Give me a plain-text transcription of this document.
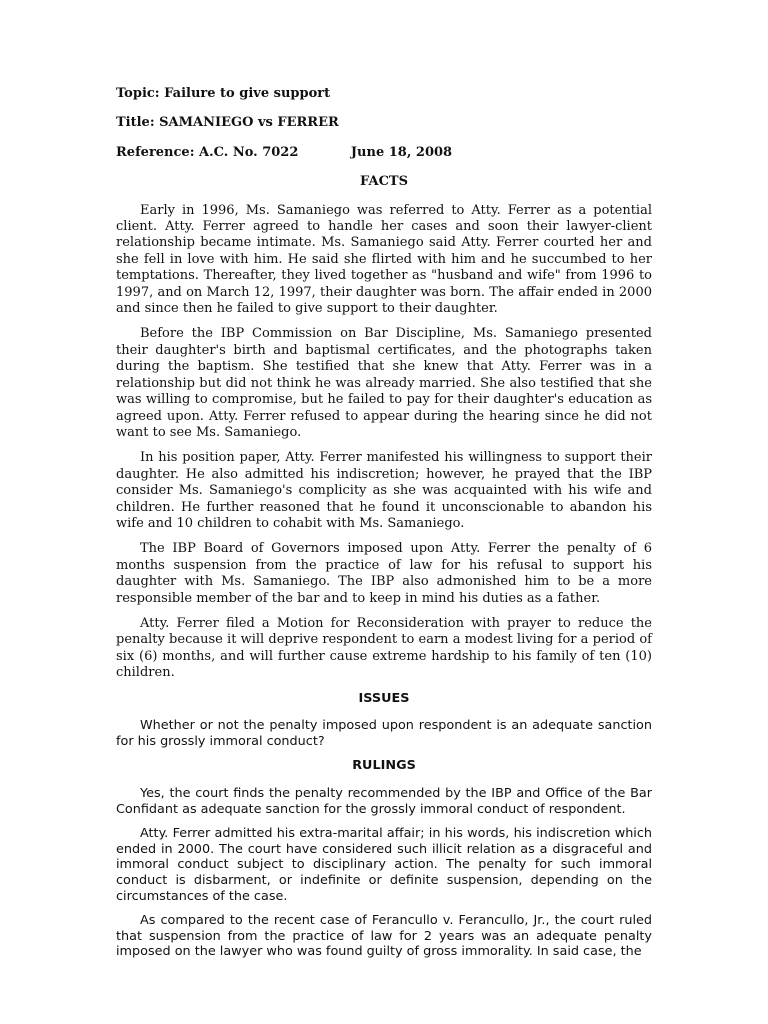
Topic: Failure to give support
Title: SAMANIEGO vs FERRER
Reference: A.C. No. 7022	June 18, 2008
FACTS

Early in 1996, Ms. Samaniego was referred to Atty. Ferrer as a potential client. Atty. Ferrer agreed to handle her cases and soon their lawyer-client relationship became intimate. Ms. Samaniego said Atty. Ferrer courted her and she fell in love with him. He said she flirted with him and he succumbed to her temptations. Thereafter, they lived together as "husband and wife" from 1996 to 1997, and on March 12, 1997, their daughter was born. The affair ended in 2000 and since then he failed to give support to their daughter.

Before the IBP Commission on Bar Discipline, Ms. Samaniego presented their daughter's birth and baptismal certificates, and the photographs taken during the baptism. She testified that she knew that Atty. Ferrer was in a relationship but did not think he was already married. She also testified that she was willing to compromise, but he failed to pay for their daughter's education as agreed upon. Atty. Ferrer refused to appear during the hearing since he did not want to see Ms. Samaniego.

In his position paper, Atty. Ferrer manifested his willingness to support their daughter. He also admitted his indiscretion; however, he prayed that the IBP consider Ms. Samaniego's complicity as she was acquainted with his wife and children. He further reasoned that he found it unconscionable to abandon his wife and 10 children to cohabit with Ms. Samaniego.

The IBP Board of Governors imposed upon Atty. Ferrer the penalty of 6 months suspension from the practice of law for his refusal to support his daughter with Ms. Samaniego. The IBP also admonished him to be a more responsible member of the bar and to keep in mind his duties as a father.

Atty. Ferrer filed a Motion for Reconsideration with prayer to reduce the penalty because it will deprive respondent to earn a modest living for a period of six (6) months, and will further cause extreme hardship to his family of ten (10) children.

ISSUES

Whether or not the penalty imposed upon respondent is an adequate sanction for his grossly immoral conduct?

RULINGS

Yes, the court finds the penalty recommended by the IBP and Office of the Bar Confidant as adequate sanction for the grossly immoral conduct of respondent.

Atty. Ferrer admitted his extra-marital affair; in his words, his indiscretion which ended in 2000. The court have considered such illicit relation as a disgraceful and immoral conduct subject to disciplinary action. The penalty for such immoral conduct is disbarment, or indefinite or definite suspension, depending on the circumstances of the case.

As compared to the recent case of Ferancullo v. Ferancullo, Jr., the court ruled that suspension from the practice of law for 2 years was an adequate penalty imposed on the lawyer who was found guilty of gross immorality. In said case, the
